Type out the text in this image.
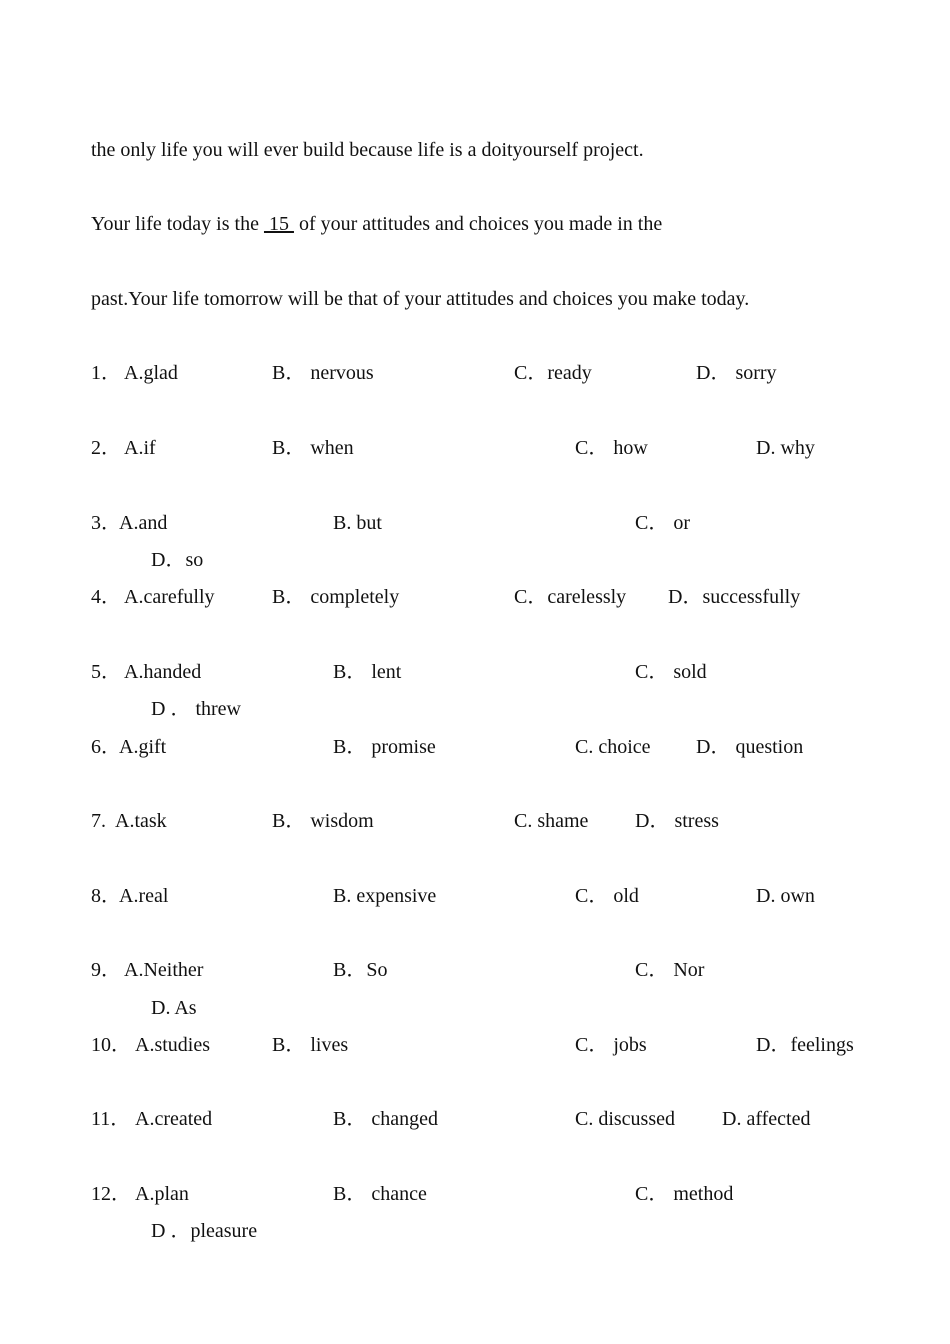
the only life you will ever build because life is a doityourself project.
Your life today is the  15  of your attitudes and choices you made in the
past.Your life tomorrow will be that of your attitudes and choices you make today.
1． A.glad	B． nervous	C．ready	D． sorry
2． A.if	B． when	C． how	D. why
3．
A.and	B. but	C． or
D．so
4． A.carefully	B． completely	C．carelessly D．successfully
5． A.handed	B． lent	C． sold
D ． threw
6．
A.gift	B． promise	C. choice D． question
7. A.task	B． wisdom	C. shame D． stress
8．
A.real	B. expensive	C． old	D. own
9． A.Neither	B．So	C． Nor
D. As
10． A.studies	B． lives	C． jobs	D．feelings
11． A.created	B． changed	C. discussed D. affected
12． A.plan	B． chance	C． method
D ．pleasure
